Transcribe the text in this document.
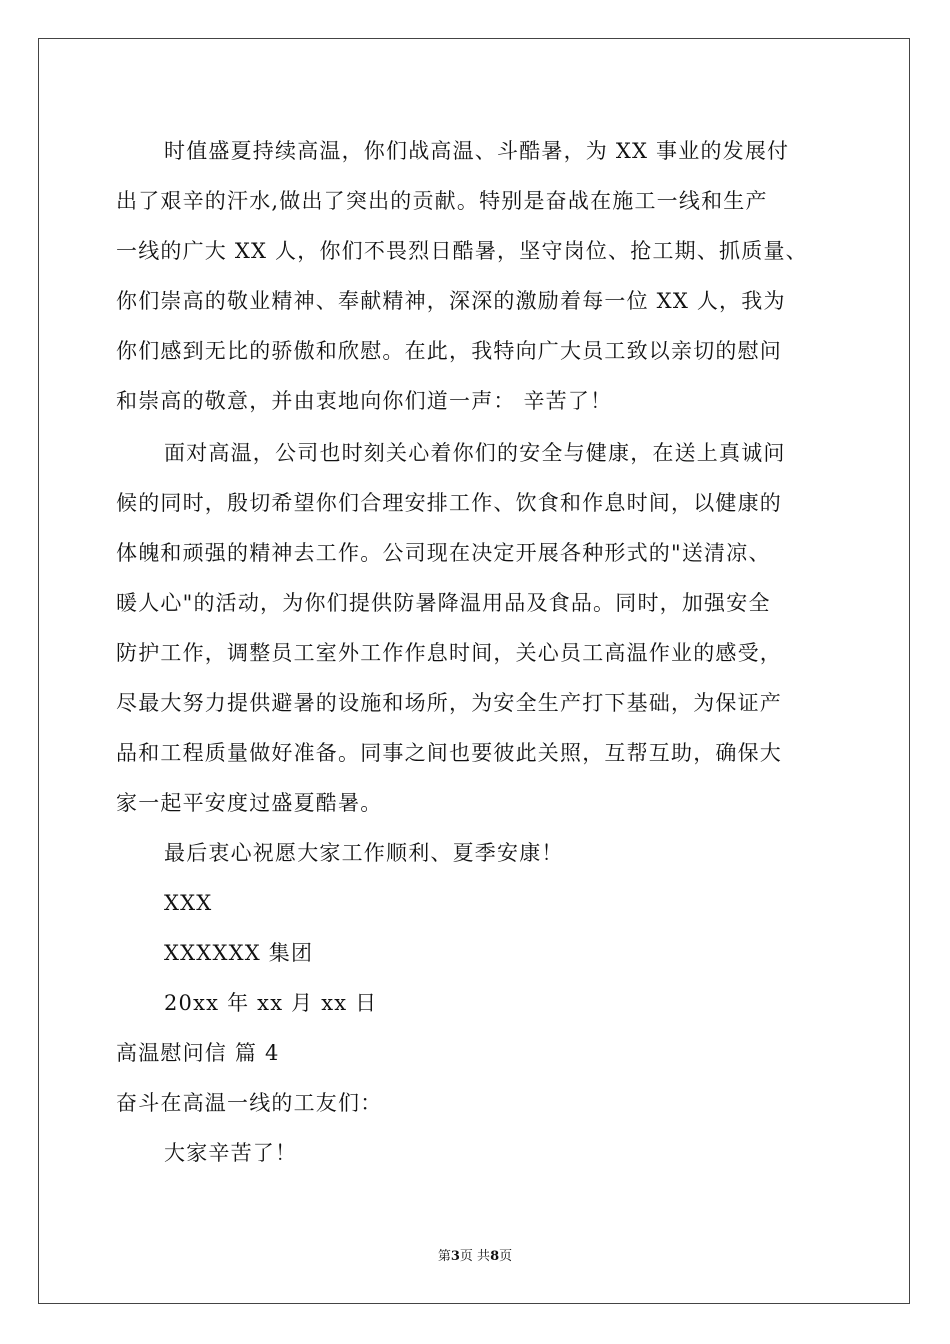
时值盛夏持续高温，你们战高温、斗酷暑，为 XX 事业的发展付
出了艰辛的汗水,做出了突出的贡献。特别是奋战在施工一线和生产
一线的广大 XX 人，你们不畏烈日酷暑，坚守岗位、抢工期、抓质量、
你们崇高的敬业精神、奉献精神，深深的激励着每一位 XX 人，我为
你们感到无比的骄傲和欣慰。在此，我特向广大员工致以亲切的慰问
和崇高的敬意，并由衷地向你们道一声： 辛苦了！
面对高温，公司也时刻关心着你们的安全与健康，在送上真诚问
候的同时，殷切希望你们合理安排工作、饮食和作息时间，以健康的
体魄和顽强的精神去工作。公司现在决定开展各种形式的"送清凉、
暖人心"的活动，为你们提供防暑降温用品及食品。同时，加强安全
防护工作，调整员工室外工作作息时间，关心员工高温作业的感受，
尽最大努力提供避暑的设施和场所，为安全生产打下基础，为保证产
品和工程质量做好准备。同事之间也要彼此关照，互帮互助，确保大
家一起平安度过盛夏酷暑。
最后衷心祝愿大家工作顺利、夏季安康！
XXX
XXXXXX 集团
20xx 年 xx 月 xx 日
高温慰问信 篇 4
奋斗在高温一线的工友们：
大家辛苦了！
第3页 共8页
